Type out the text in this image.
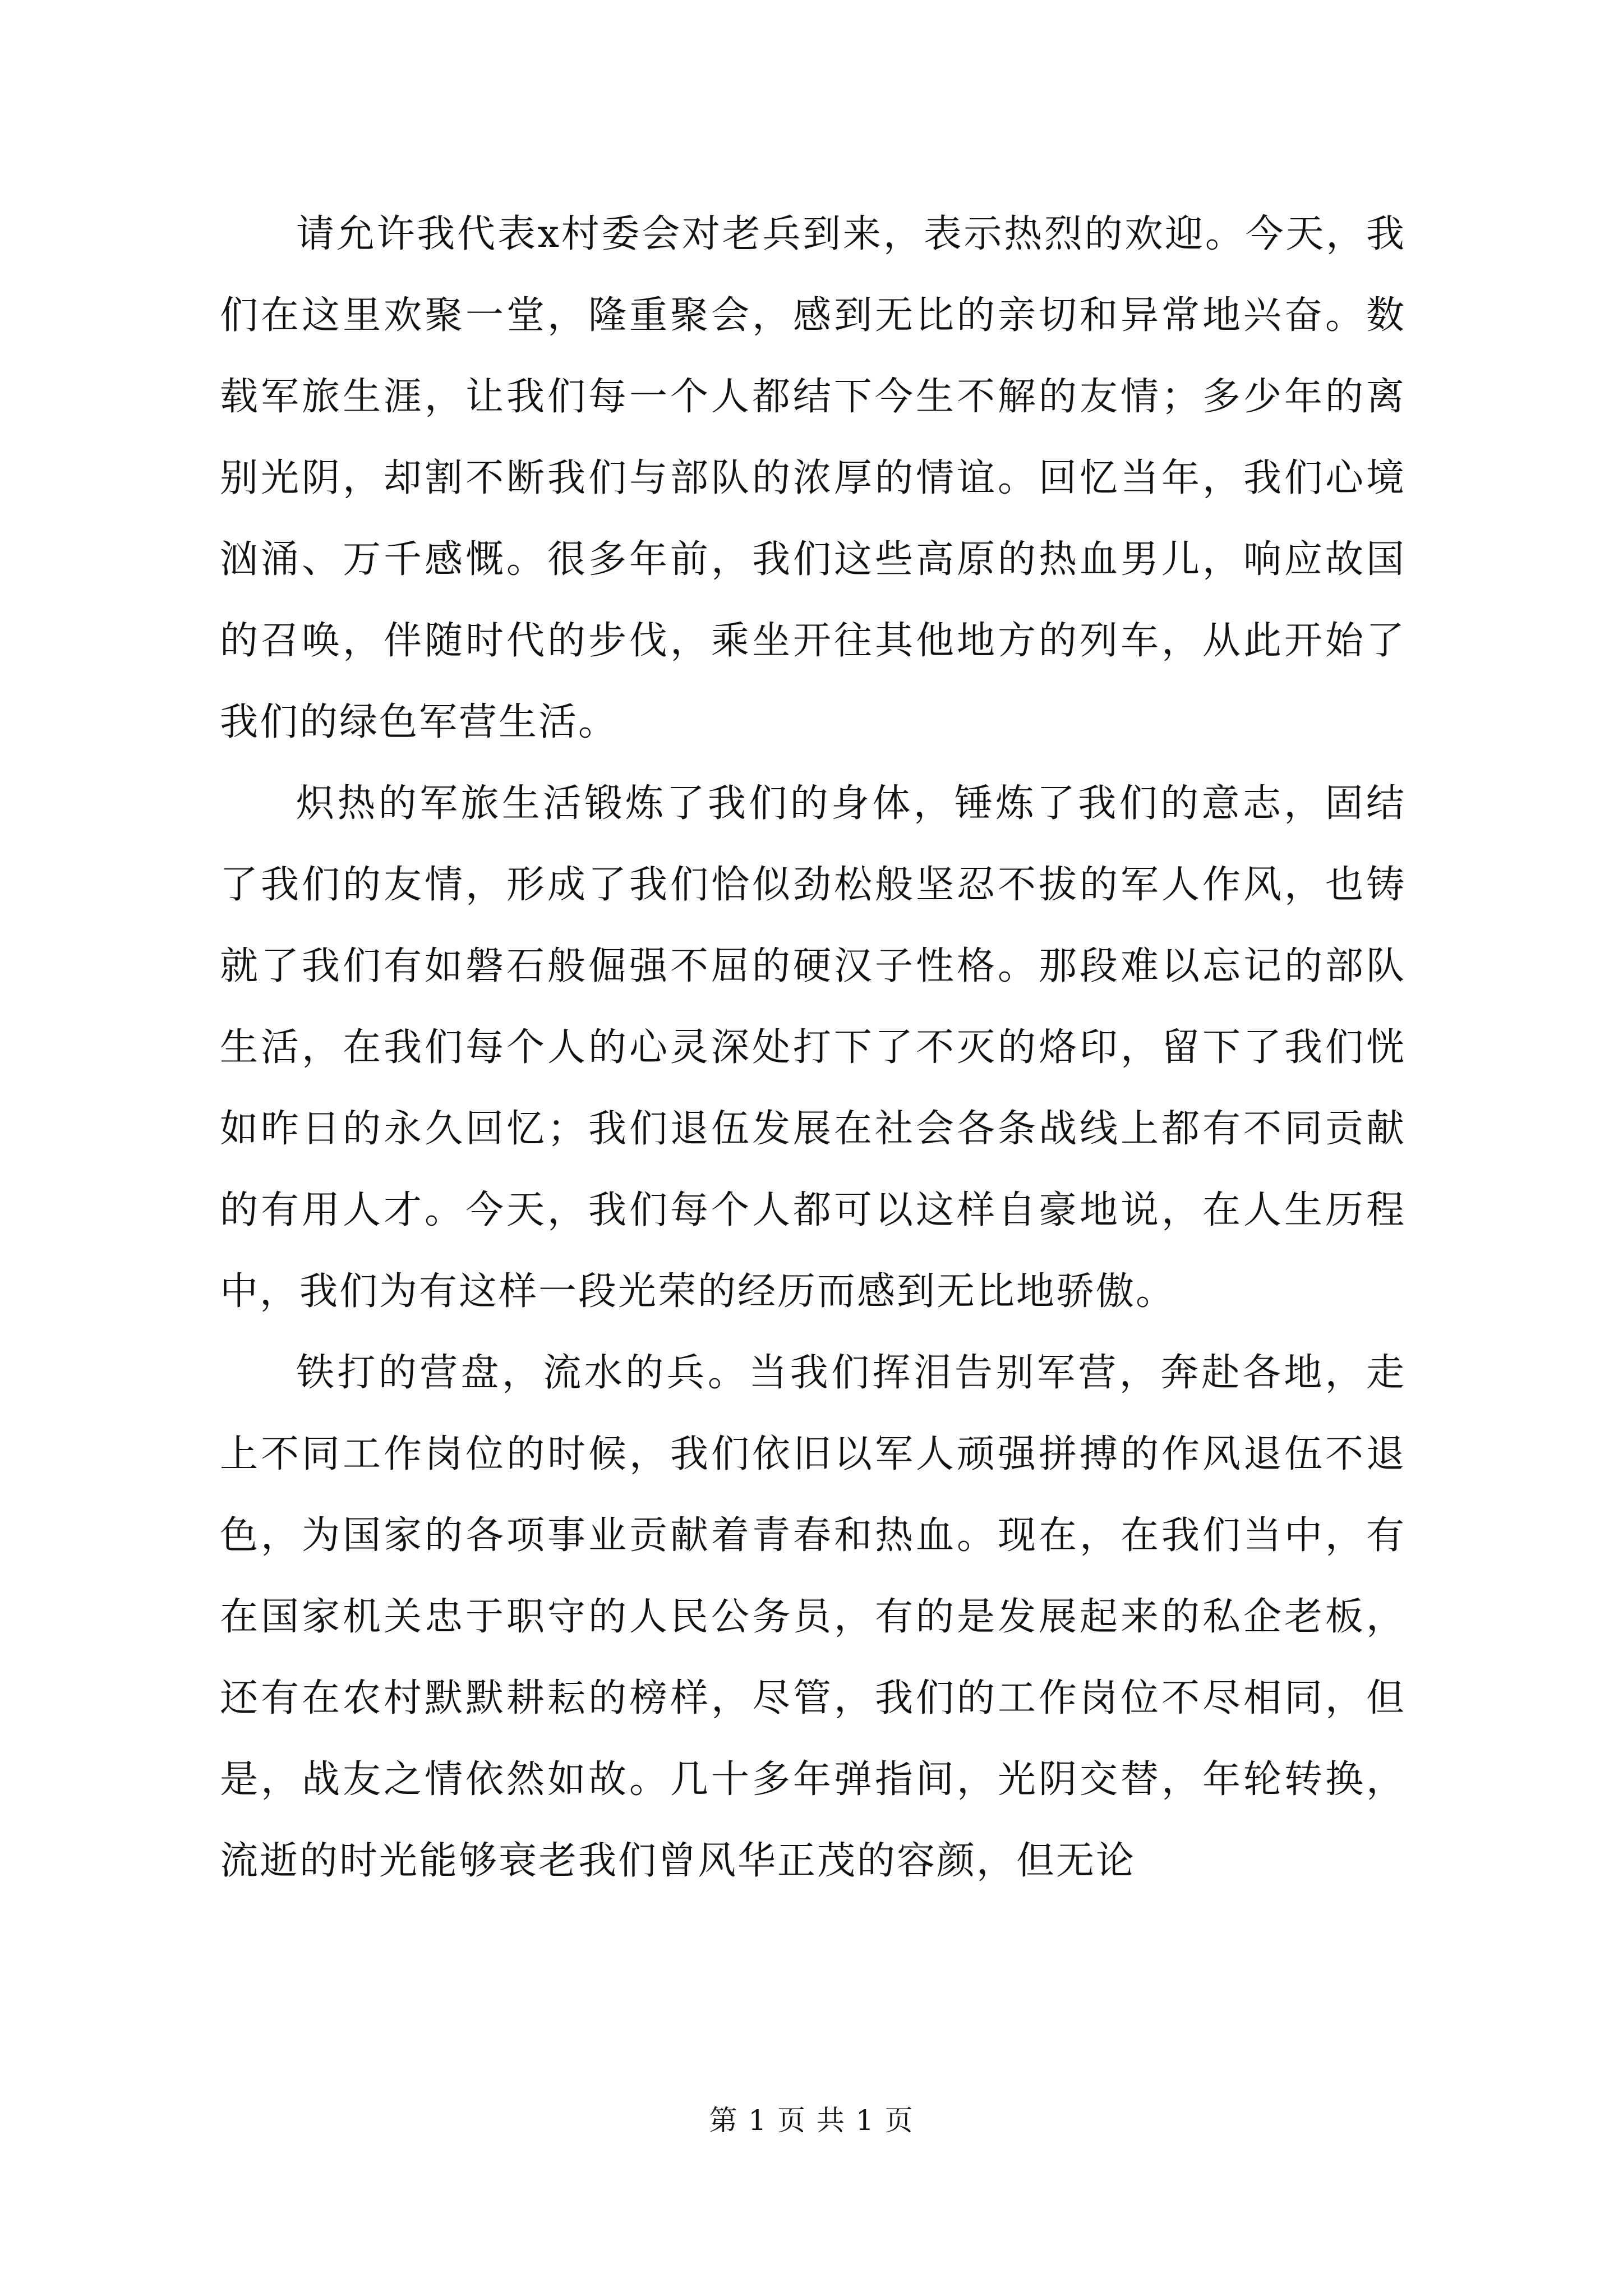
请允许我代表x村委会对老兵到来，表示热烈的欢迎。今天，我们在这里欢聚一堂，隆重聚会，感到无比的亲切和异常地兴奋。数载军旅生涯，让我们每一个人都结下今生不解的友情；多少年的离别光阴，却割不断我们与部队的浓厚的情谊。回忆当年，我们心境汹涌、万千感慨。很多年前，我们这些高原的热血男儿，响应故国的召唤，伴随时代的步伐，乘坐开往其他地方的列车，从此开始了我们的绿色军营生活。

炽热的军旅生活锻炼了我们的身体，锤炼了我们的意志，固结了我们的友情，形成了我们恰似劲松般坚忍不拔的军人作风，也铸就了我们有如磐石般倔强不屈的硬汉子性格。那段难以忘记的部队生活，在我们每个人的心灵深处打下了不灭的烙印，留下了我们恍如昨日的永久回忆；我们退伍发展在社会各条战线上都有不同贡献的有用人才。今天，我们每个人都可以这样自豪地说，在人生历程中，我们为有这样一段光荣的经历而感到无比地骄傲。

铁打的营盘，流水的兵。当我们挥泪告别军营，奔赴各地，走上不同工作岗位的时候，我们依旧以军人顽强拼搏的作风退伍不退色，为国家的各项事业贡献着青春和热血。现在，在我们当中，有在国家机关忠于职守的人民公务员，有的是发展起来的私企老板，还有在农村默默耕耘的榜样，尽管，我们的工作岗位不尽相同，但是，战友之情依然如故。几十多年弹指间，光阴交替，年轮转换，流逝的时光能够衰老我们曾风华正茂的容颜，但无论

第 1 页 共 1 页
